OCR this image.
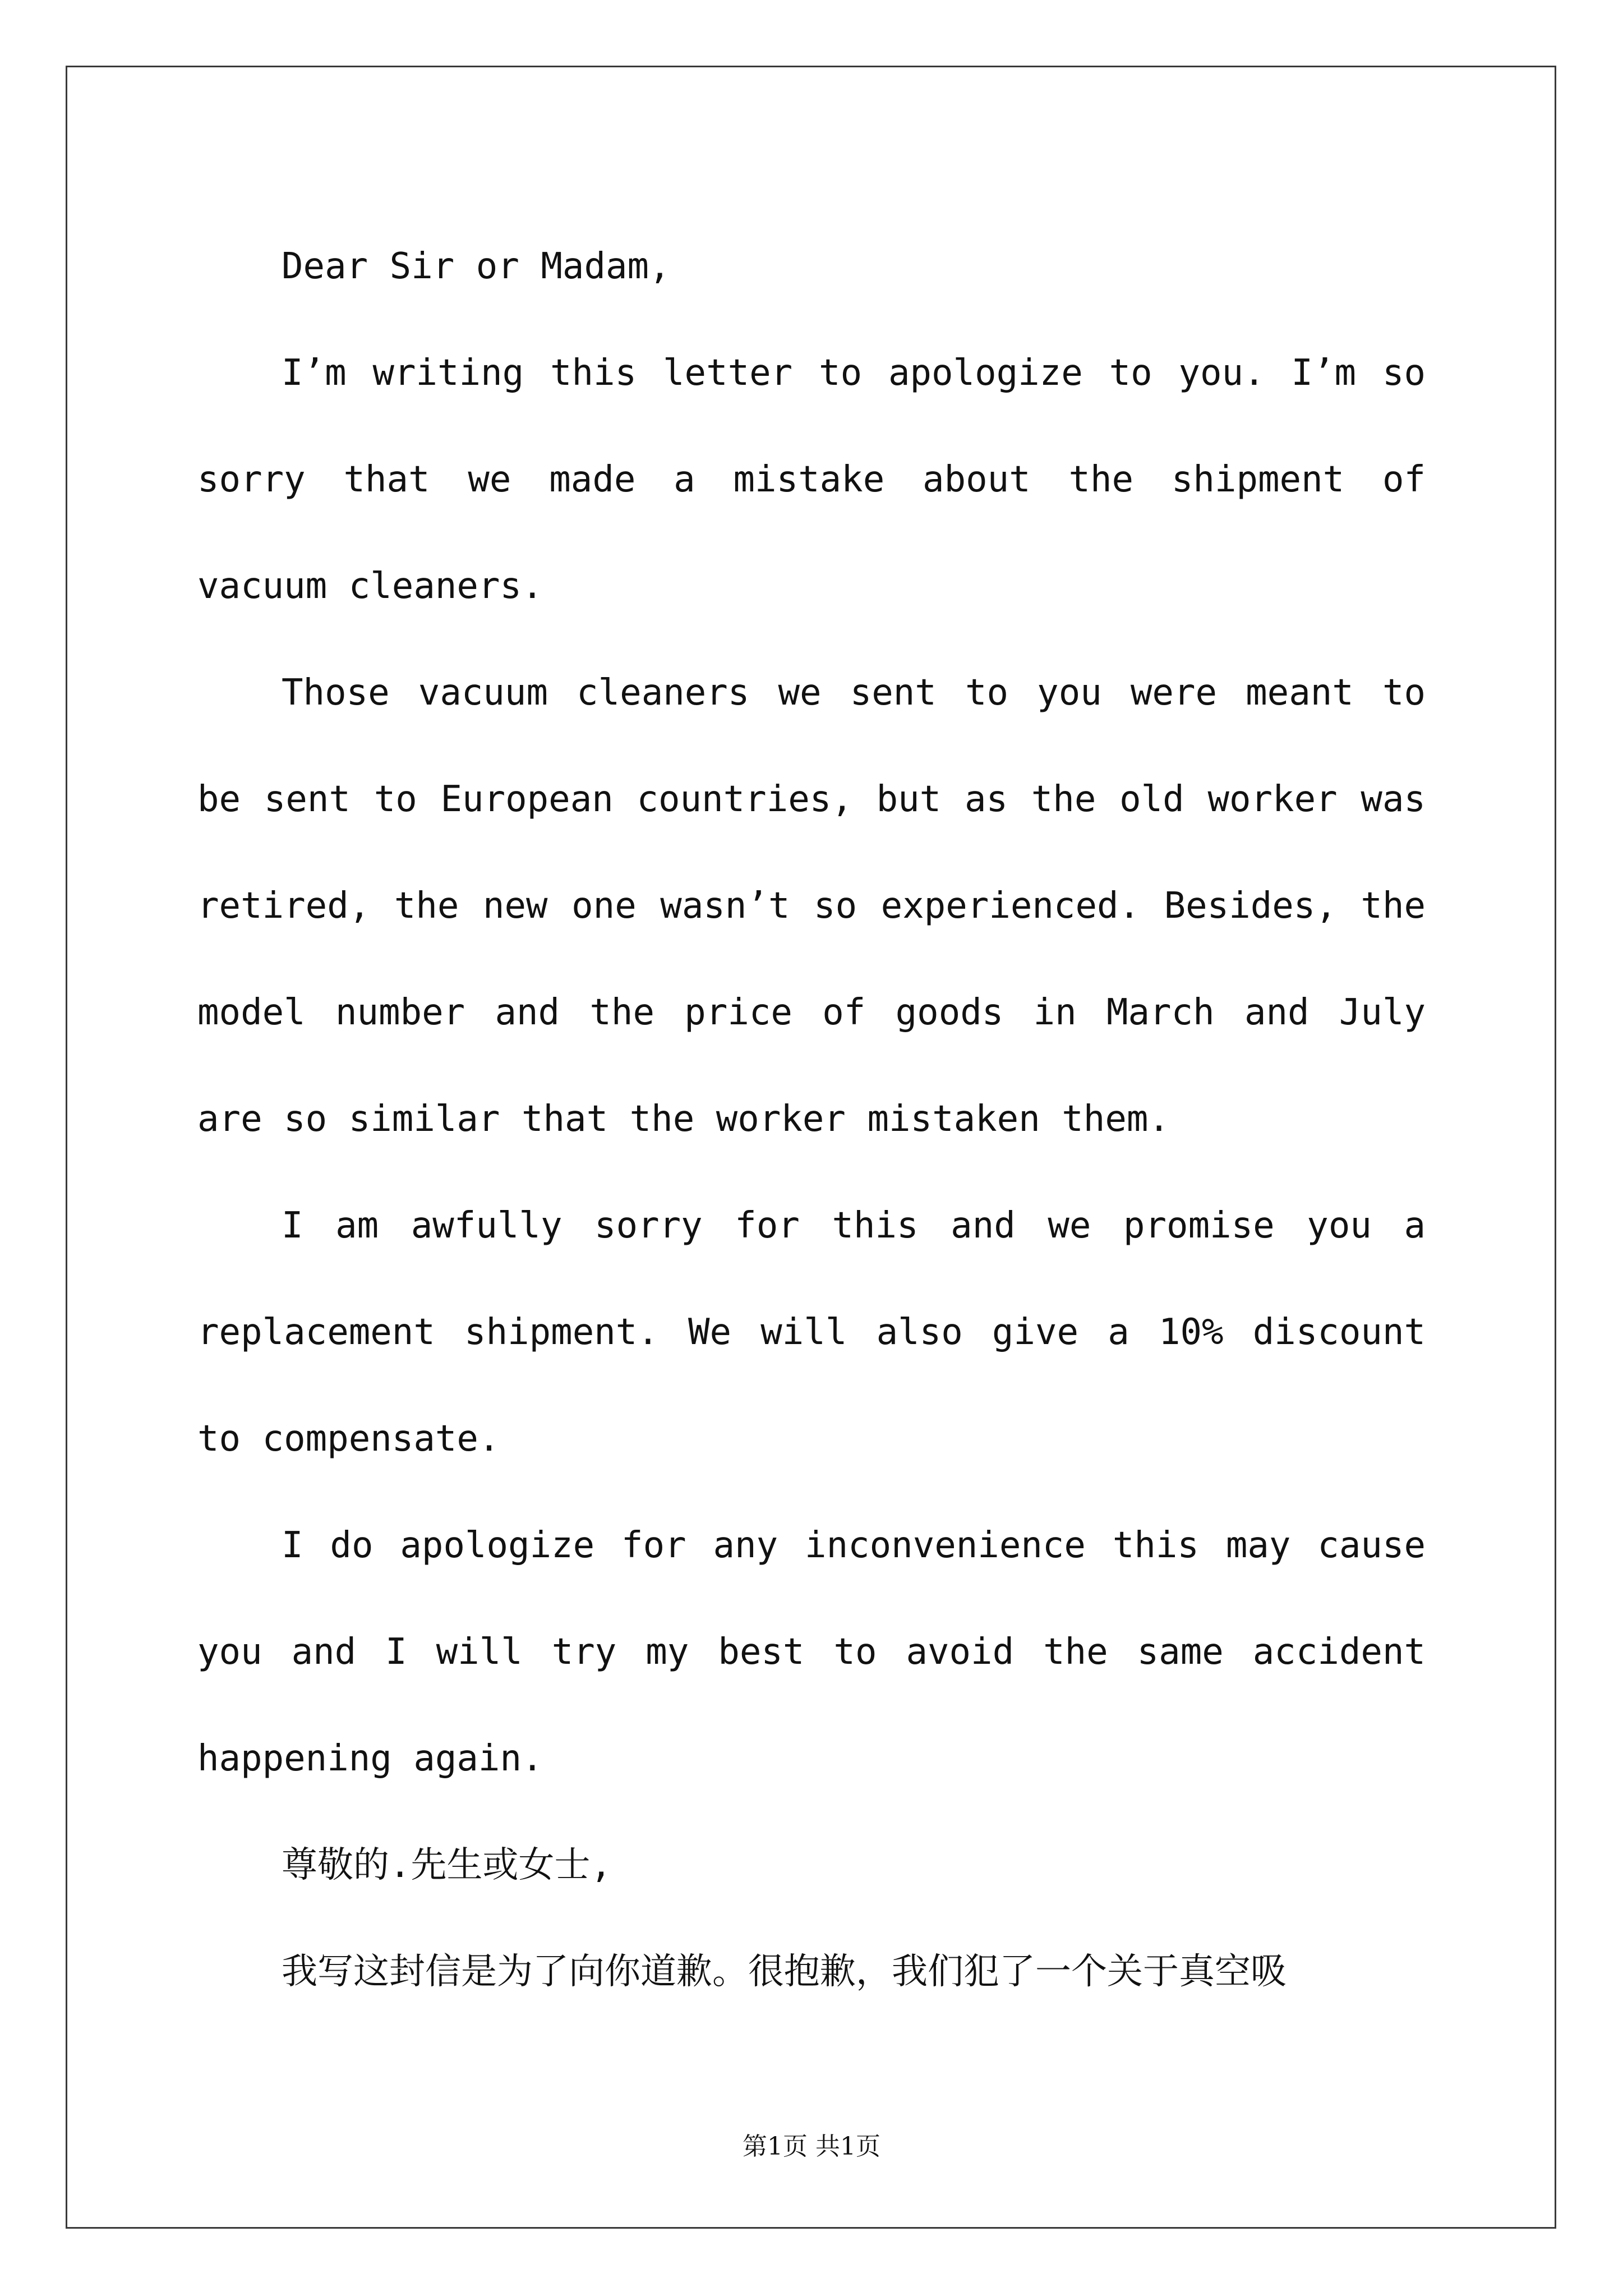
Dear Sir or Madam,

I’m writing this letter to apologize to you. I’m so sorry that we made a mistake about the shipment of vacuum cleaners.

Those vacuum cleaners we sent to you were meant to be sent to European countries, but as the old worker was retired, the new one wasn’t so experienced. Besides, the model number and the price of goods in March and July are so similar that the worker mistaken them.

I am awfully sorry for this and we promise you a replacement shipment. We will also give a 10% discount to compensate.

I do apologize for any inconvenience this may cause you and I will try my best to avoid the same accident happening again.

尊敬的.先生或女士,

我写这封信是为了向你道歉。很抱歉，我们犯了一个关于真空吸

第1页 共1页
